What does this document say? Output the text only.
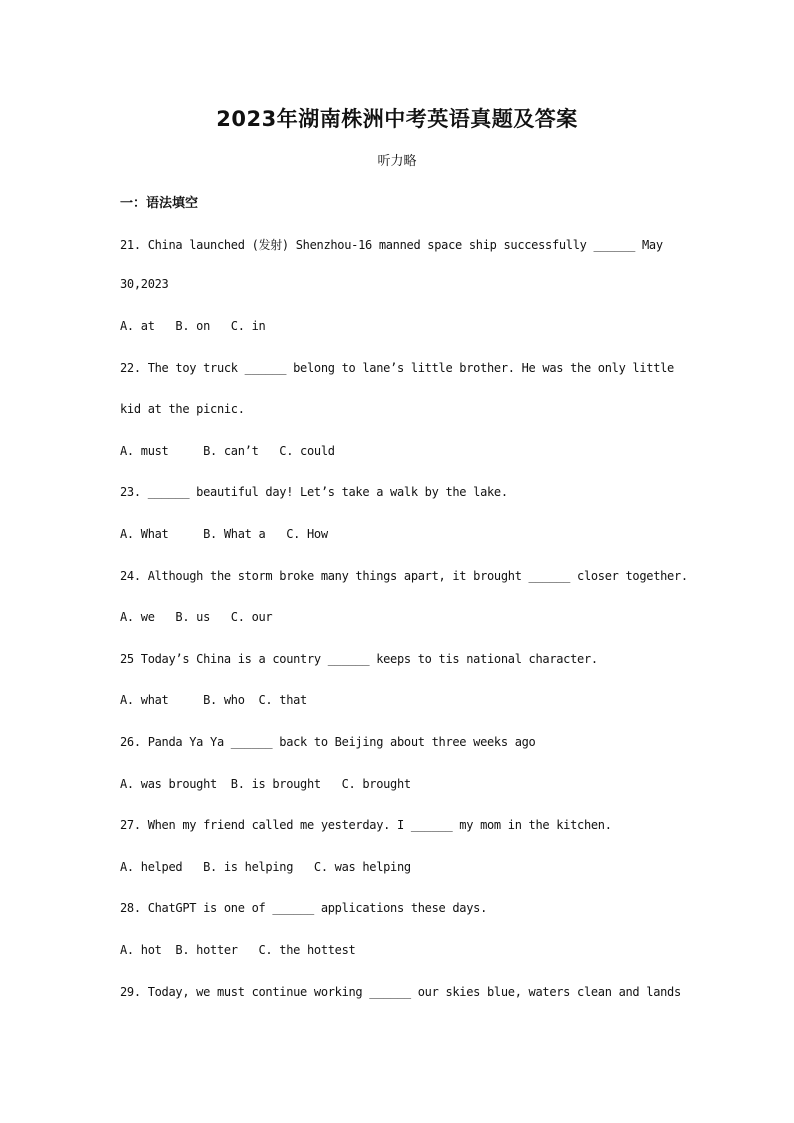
2023年湖南株洲中考英语真题及答案
听力略
一：语法填空
21. China launched (发射) Shenzhou-16 manned space ship successfully ______ May
30,2023
A. at   B. on   C. in
22. The toy truck ______ belong to lane’s little brother. He was the only little
kid at the picnic.
A. must     B. can’t   C. could
23. ______ beautiful day! Let’s take a walk by the lake.
A. What     B. What a   C. How
24. Although the storm broke many things apart, it brought ______ closer together.
A. we   B. us   C. our
25 Today’s China is a country ______ keeps to tis national character.
A. what     B. who  C. that
26. Panda Ya Ya ______ back to Beijing about three weeks ago
A. was brought  B. is brought   C. brought
27. When my friend called me yesterday. I ______ my mom in the kitchen.
A. helped   B. is helping   C. was helping
28. ChatGPT is one of ______ applications these days.
A. hot  B. hotter   C. the hottest
29. Today, we must continue working ______ our skies blue, waters clean and lands
